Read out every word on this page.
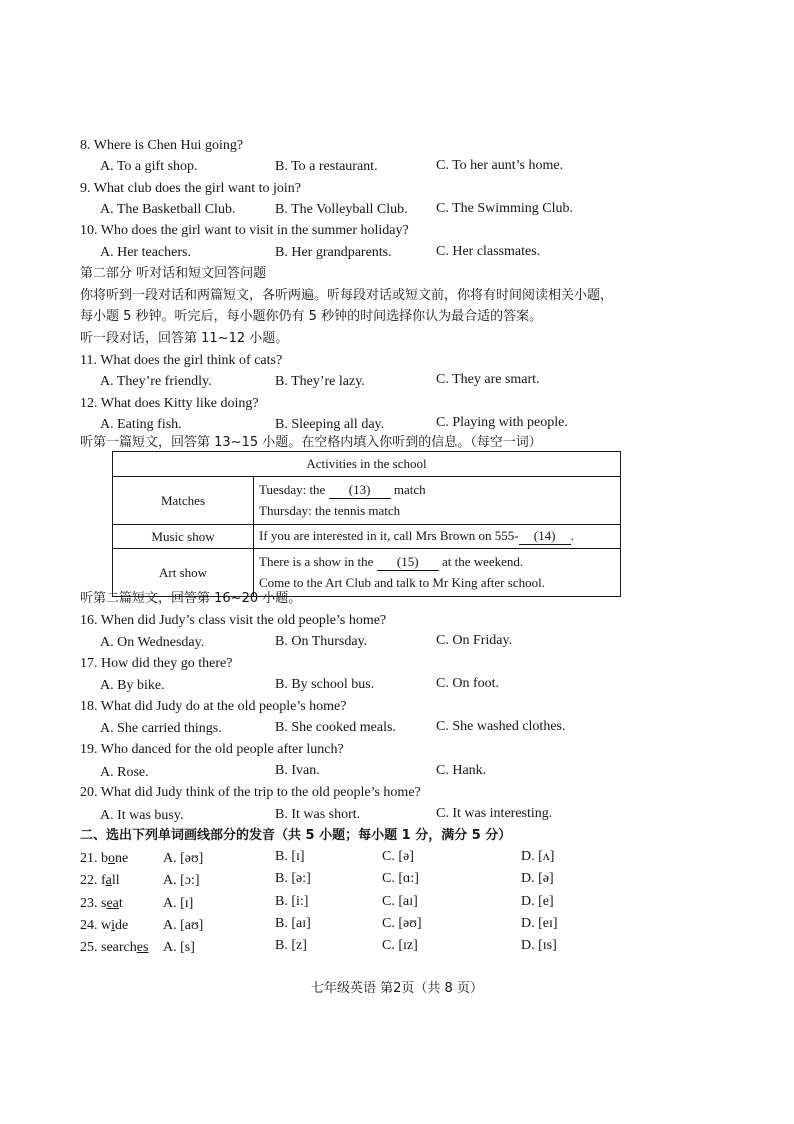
8. Where is Chen Hui going?
A. To a gift shop.	B. To a restaurant.	C. To her aunt’s home.
9. What club does the girl want to join?
A. The Basketball Club.	B. The Volleyball Club. C. The Swimming Club.
10. Who does the girl want to visit in the summer holiday?
A. Her teachers.	B. Her grandparents.	C. Her classmates.
第二部分 听对话和短文回答问题
你将听到一段对话和两篇短文，各听两遍。听每段对话或短文前，你将有时间阅读相关小题，
每小题 5 秒钟。听完后，每小题你仍有 5 秒钟的时间选择你认为最合适的答案。
听一段对话，回答第 11~12 小题。
11. What does the girl think of cats?
A. They’re friendly.	B. They’re lazy.	C. They are smart.
12. What does Kitty like doing?
A. Eating fish.	B. Sleeping all day.	C. Playing with people.
听第一篇短文，回答第 13~15 小题。在空格内填入你听到的信息。（每空一词）
Activities in the school	
Matches	Tuesday: the (13) match
Thursday: the tennis match

Music show	If you are interested in it, call Mrs Brown on 555- (14) .
Art show	There is a show in the (15) at the weekend.
Come to the Art Club and talk to Mr King after school.
听第二篇短文，回答第 16~20 小题。
16. When did Judy’s class visit the old people’s home?
A. On Wednesday.	B. On Thursday.	C. On Friday.
17. How did they go there?
A. By bike.	B. By school bus.	C. On foot.
18. What did Judy do at the old people’s home?
A. She carried things.	B. She cooked meals.	C. She washed clothes.
19. Who danced for the old people after lunch?
A. Rose.	B. Ivan.	C. Hank.
20. What did Judy think of the trip to the old people’s home?
A. It was busy.	B. It was short.	C. It was interesting.
二、选出下列单词画线部分的发音（共 5 小题；每小题 1 分，满分 5 分）
21. bone A. [əʊ]	B. [ɪ]	C. [ə]	D. [ʌ]
22. fall	A. [ɔ:]	B. [ə:]	C. [ɑ:]	D. [ə]
23. seat	A. [ɪ]	B. [i:]	C. [aɪ]	D. [e]
24. wide A. [aʊ]	B. [aɪ]	C. [əʊ]	D. [eɪ]
25. searches A. [s]	B. [z]	C. [ɪz]	D. [ɪs]
七年级英语 第2页（共 8 页）
